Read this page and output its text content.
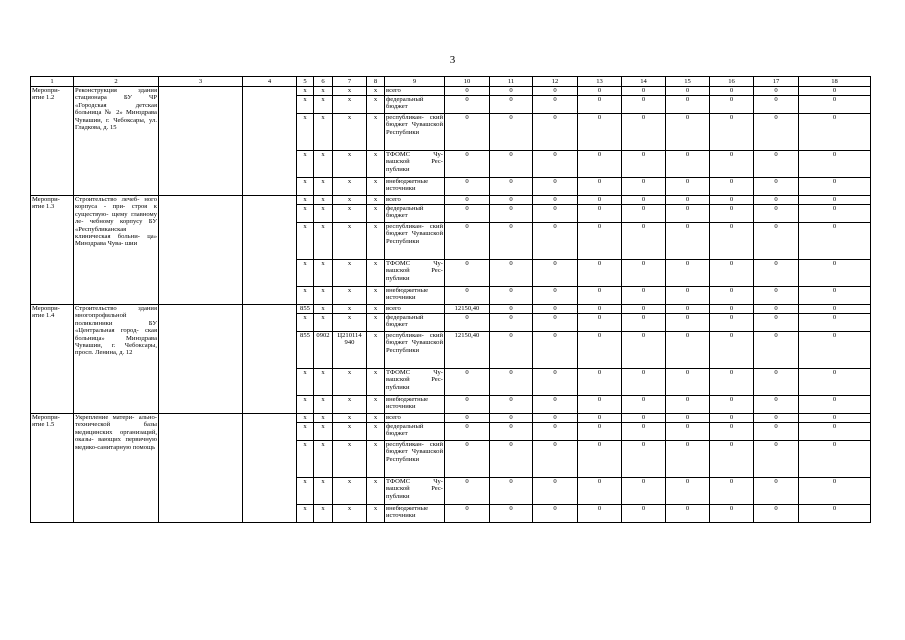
3
1	2	3	4	5	6	7	8	9	10	11	12	13	14	15	16	17	18
Меропри- ятие 1.2	Реконструкция здания стационара БУ ЧР «Городская детская больница № 2» Минздрава Чувашии, г. Чебоксары, ул. Гладкова, д. 15			x	x	x	x	всего	0	0	0	0	0	0	0	0	0
				x	x	x	x	федеральный бюджет	0	0	0	0	0	0	0	0	0
				x	x	x	x	республикан- ский бюджет Чувашской Республики	0	0	0	0	0	0	0	0	0
				x	x	x	x	ТФОМС Чу- вашской Рес- публики	0	0	0	0	0	0	0	0	0
				x	x	x	x	внебюджетные источники	0	0	0	0	0	0	0	0	0
Меропри- ятие 1.3	Строительство лечеб- ного корпуса - при- строя к существую- щему главному ле- чебному корпусу БУ «Республиканская клиническая больни- ца» Минздрава Чува- шии			x	x	x	x	всего	0	0	0	0	0	0	0	0	0
				x	x	x	x	федеральный бюджет	0	0	0	0	0	0	0	0	0
				x	x	x	x	республикан- ский бюджет Чувашской Республики	0	0	0	0	0	0	0	0	0
				x	x	x	x	ТФОМС Чу- вашской Рес- публики	0	0	0	0	0	0	0	0	0
				x	x	x	x	внебюджетные источники	0	0	0	0	0	0	0	0	0
Меропри- ятие 1.4	Строительство здания многопрофильной поликлиники БУ «Центральная город- ская больница» Минздрава Чувашии, г. Чебоксары, просп. Ленина, д. 12			855	x	x	x	всего	12150,40	0	0	0	0	0	0	0	0
				x	x	x	x	федеральный бюджет	0	0	0	0	0	0	0	0	0
				855	0902	Ц210114 940	x	республикан- ский бюджет Чувашской Республики	12150,40	0	0	0	0	0	0	0	0
				x	x	x	x	ТФОМС Чу- вашской Рес- публики	0	0	0	0	0	0	0	0	0
				x	x	x	x	внебюджетные источники	0	0	0	0	0	0	0	0	0
Меропри- ятие 1.5	Укрепление матери- ально-технической базы медицинских организаций, оказы- вающих первичную медико-санитарную помощь			x	x	x	x	всего	0	0	0	0	0	0	0	0	0
				x	x	x	x	федеральный бюджет	0	0	0	0	0	0	0	0	0
				x	x	x	x	республикан- ский бюджет Чувашской Республики	0	0	0	0	0	0	0	0	0
				x	x	x	x	ТФОМС Чу- вашской Рес- публики	0	0	0	0	0	0	0	0	0
				x	x	x	x	внебюджетные источники	0	0	0	0	0	0	0	0	0
